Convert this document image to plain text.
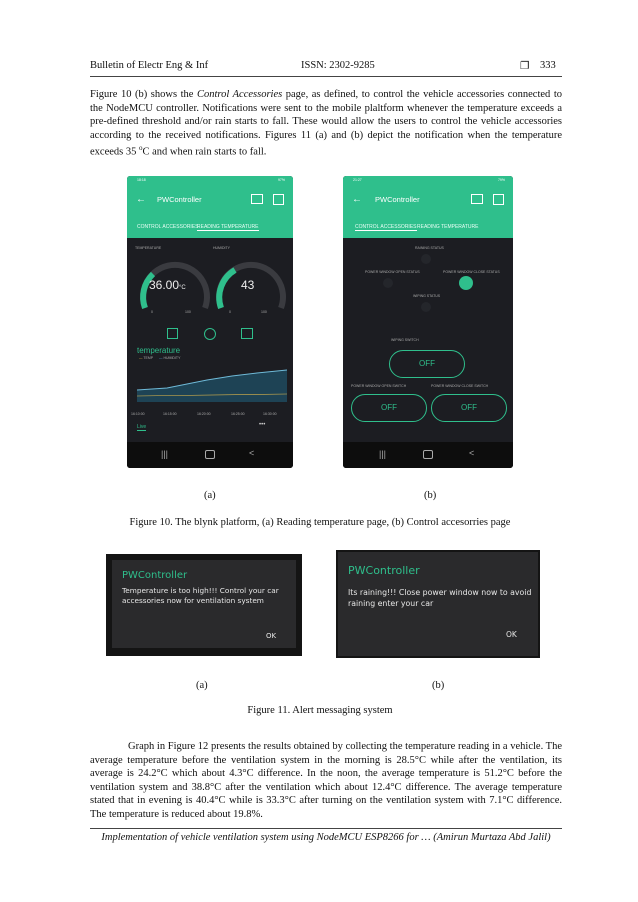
Bulletin of Electr Eng & Inf	ISSN: 2302-9285	❐ 333
Figure 10 (b) shows the Control Accessories page, as defined, to control the vehicle accessories connected to the NodeMCU controller. Notifications were sent to the mobile plaltform whenever the temperature exceeds a pre-defined threshold and/or rain starts to fall. These would allow the users to control the vehicle accessories according to the received notifications. Figures 11 (a) and (b) depict the notification when the temperature exceeds 35 $^o$C and when rain starts to fall.
18:18	97%
← PWController
CONTROL ACCESSORIES
READING TEMPERATURE
TEMPERATURE	HUMIDITY
36.00°C	43
0	100	0	100
temperature
— TEMP — HUMIDITY
16:10:00	16:15:00	16:20:00	16:25:00	16:30:00
Live	•••
|||	<
21:27	79%
← PWController
CONTROL ACCESSORIES READING TEMPERATURE
RAINING STATUS
POWER WINDOW OPEN STATUS	POWER WINDOW CLOSE STATUS
WIPING STATUS
WIPING SWITCH
OFF
POWER WINDOW OPEN SWITCH	POWER WINDOW CLOSE SWITCH
OFF	OFF
|||	<
(a)	(b)
Figure 10. The blynk platform, (a) Reading temperature page, (b) Control accesorries page
PWController
Temperature is too high!!! Control your car accessories now for ventilation system
OK
PWController
Its raining!!! Close power window now to avoid raining enter your car
OK
(a)	(b)
Figure 11. Alert messaging system
Graph in Figure 12 presents the results obtained by collecting the temperature reading in a vehicle. The average temperature before the ventilation system in the morning is 28.5°C while after the ventilation, its average is 24.2°C which about 4.3°C difference. In the noon, the average temperature is 51.2°C before the ventilation system and 38.8°C after the ventilation which about 12.4°C difference. The average temperature stated that in evening is 40.4°C while is 33.3°C after turning on the ventilation system with 7.1°C difference. The temperature is reduced about 19.8%.
Implementation of vehicle ventilation system using NodeMCU ESP8266 for … (Amirun Murtaza Abd Jalil)
